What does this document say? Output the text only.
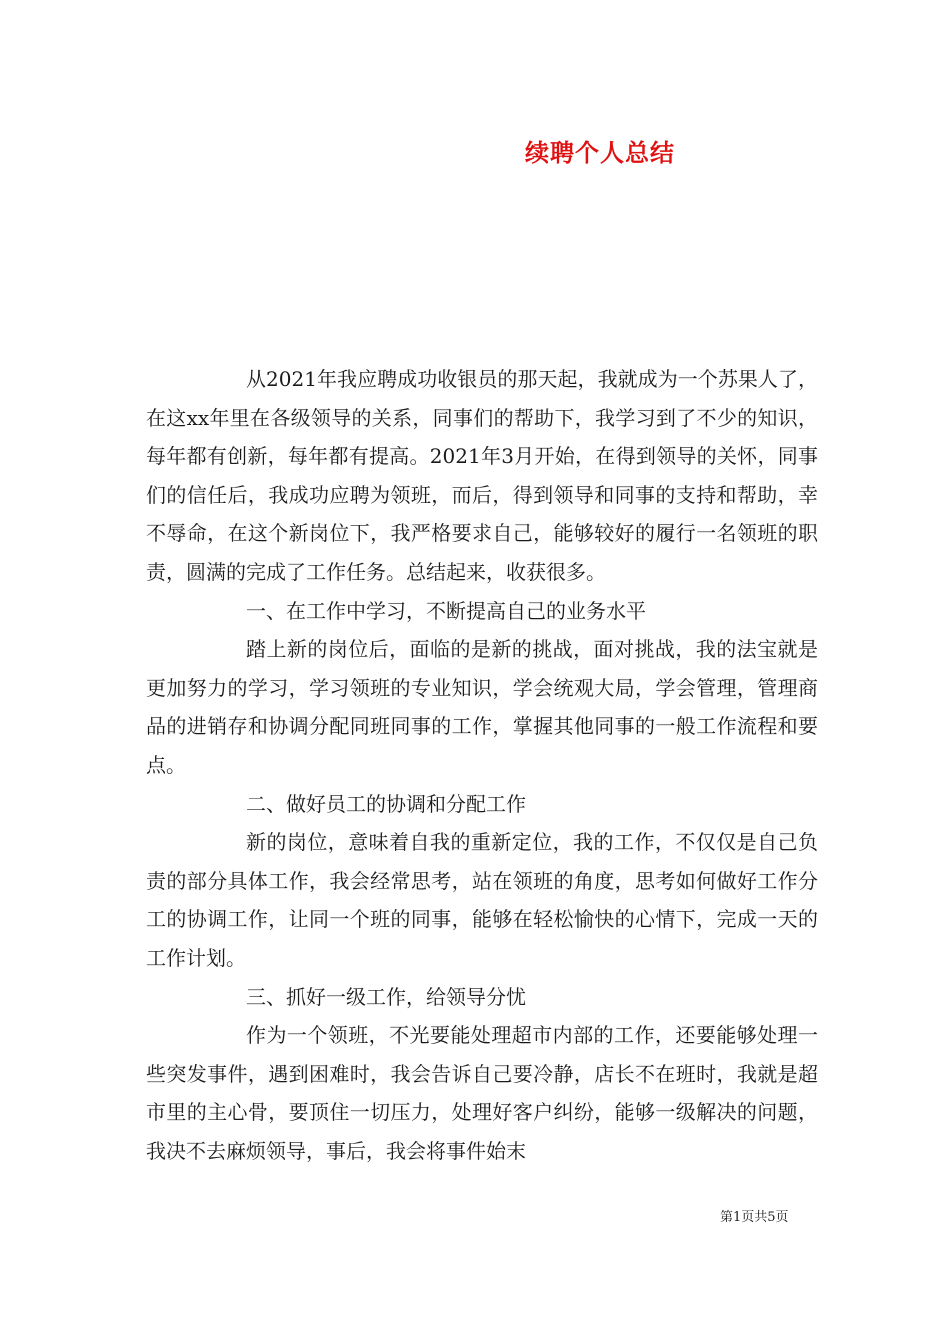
续聘个人总结

从2021年我应聘成功收银员的那天起，我就成为一个苏果人了，在这xx年里在各级领导的关系，同事们的帮助下，我学习到了不少的知识，每年都有创新，每年都有提高。2021年3月开始，在得到领导的关怀，同事们的信任后，我成功应聘为领班，而后，得到领导和同事的支持和帮助，幸不辱命，在这个新岗位下，我严格要求自己，能够较好的履行一名领班的职责，圆满的完成了工作任务。总结起来，收获很多。

一、在工作中学习，不断提高自己的业务水平

踏上新的岗位后，面临的是新的挑战，面对挑战，我的法宝就是更加努力的学习，学习领班的专业知识，学会统观大局，学会管理，管理商品的进销存和协调分配同班同事的工作，掌握其他同事的一般工作流程和要点。

二、做好员工的协调和分配工作

新的岗位，意味着自我的重新定位，我的工作，不仅仅是自己负责的部分具体工作，我会经常思考，站在领班的角度，思考如何做好工作分工的协调工作，让同一个班的同事，能够在轻松愉快的心情下，完成一天的工作计划。

三、抓好一级工作，给领导分忧

作为一个领班，不光要能处理超市内部的工作，还要能够处理一些突发事件，遇到困难时，我会告诉自己要冷静，店长不在班时，我就是超市里的主心骨，要顶住一切压力，处理好客户纠纷，能够一级解决的问题，我决不去麻烦领导，事后，我会将事件始末

第1页共5页
